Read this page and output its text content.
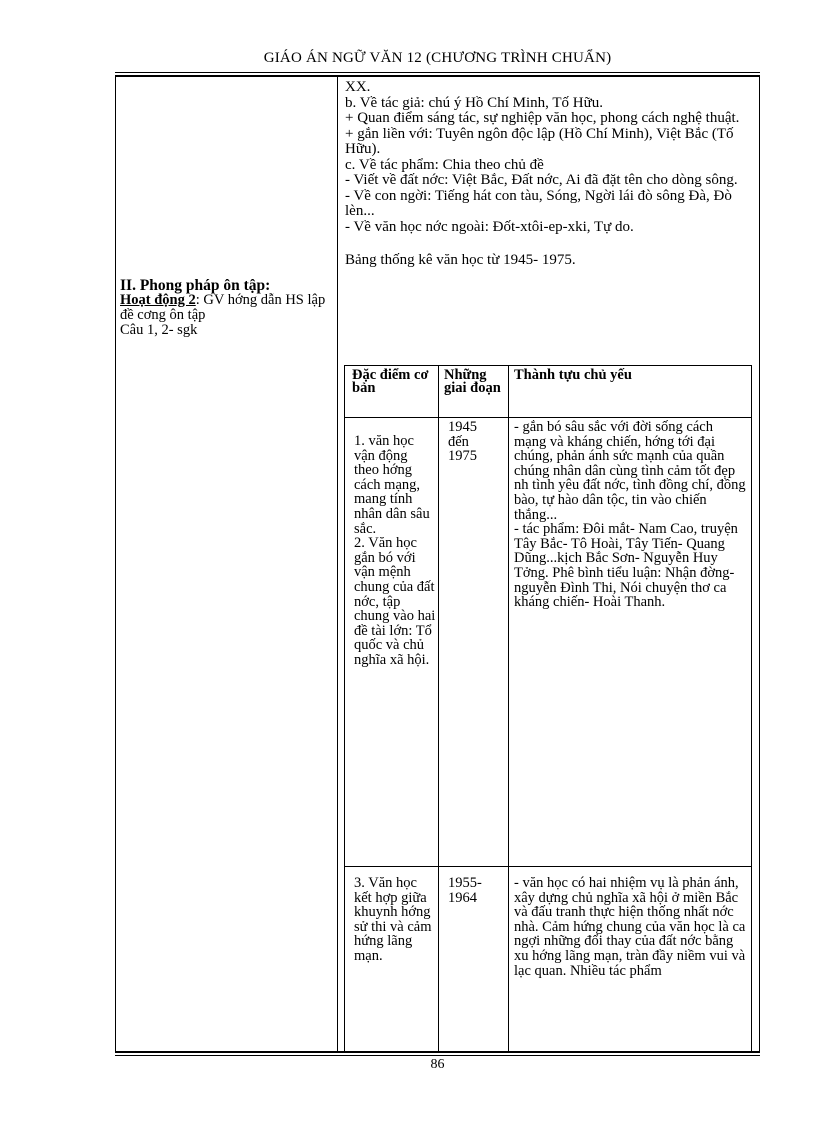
GIÁO ÁN NGỮ VĂN 12 (CHƯƠNG TRÌNH CHUẨN)
II. Phong pháp ôn tập:
Hoạt động 2: GV hớng dẫn HS lập đề cơng ôn tập
Câu 1, 2- sgk

XX.

b. Về tác giả: chú ý Hồ Chí Minh, Tố Hữu.

+ Quan điểm sáng tác, sự nghiệp văn học, phong cách nghệ thuật.

+ gắn liền với: Tuyên ngôn độc lập (Hồ Chí Minh), Việt Bắc (Tố Hữu).

c. Về tác phẩm: Chia theo chủ đề

- Viết về đất nớc: Việt Bắc, Đất nớc, Ai đã đặt tên cho dòng sông.

- Về con ngời: Tiếng hát con tàu, Sóng, Ngời lái đò sông Đà, Đò lèn...

- Về văn học nớc ngoài: Đốt-xtôi-ep-xki, Tự do.

Bảng thống kê văn học từ 1945- 1975.

Đặc điểm cơ bản
Những giai đoạn
Thành tựu chủ yếu
1. văn học vận động theo hớng cách mạng, mang tính nhân dân sâu sắc.
2. Văn học gắn bó với vận mệnh chung của đất nớc, tập chung vào hai đề tài lớn: Tổ quốc và chủ nghĩa xã hội.
1945 đến 1975
- gắn bó sâu sắc với đời sống cách mạng và kháng chiến, hớng tới đại chúng, phản ánh sức mạnh của quần chúng nhân dân cùng tình cảm tốt đẹp nh tình yêu đất nớc, tình đồng chí, đồng bào, tự hào dân tộc, tin vào chiến thắng...
- tác phẩm: Đôi mắt- Nam Cao, truyện Tây Bắc- Tô Hoài, Tây Tiến- Quang Dũng...kịch Bắc Sơn- Nguyễn Huy Tởng. Phê bình tiểu luận: Nhận đờng- nguyễn Đình Thi, Nói chuyện thơ ca kháng chiến- Hoài Thanh.
3. Văn học kết hợp giữa khuynh hớng sử thi và cảm hứng lãng mạn.
1955- 1964
- văn học có hai nhiệm vụ là phản ánh, xây dựng chủ nghĩa xã hội ở miền Bắc và đấu tranh thực hiện thống nhất nớc nhà. Cảm hứng chung của văn học là ca ngợi những đổi thay của đất nớc bằng xu hớng lãng mạn, tràn đầy niềm vui và lạc quan. Nhiều tác phẩm
86
